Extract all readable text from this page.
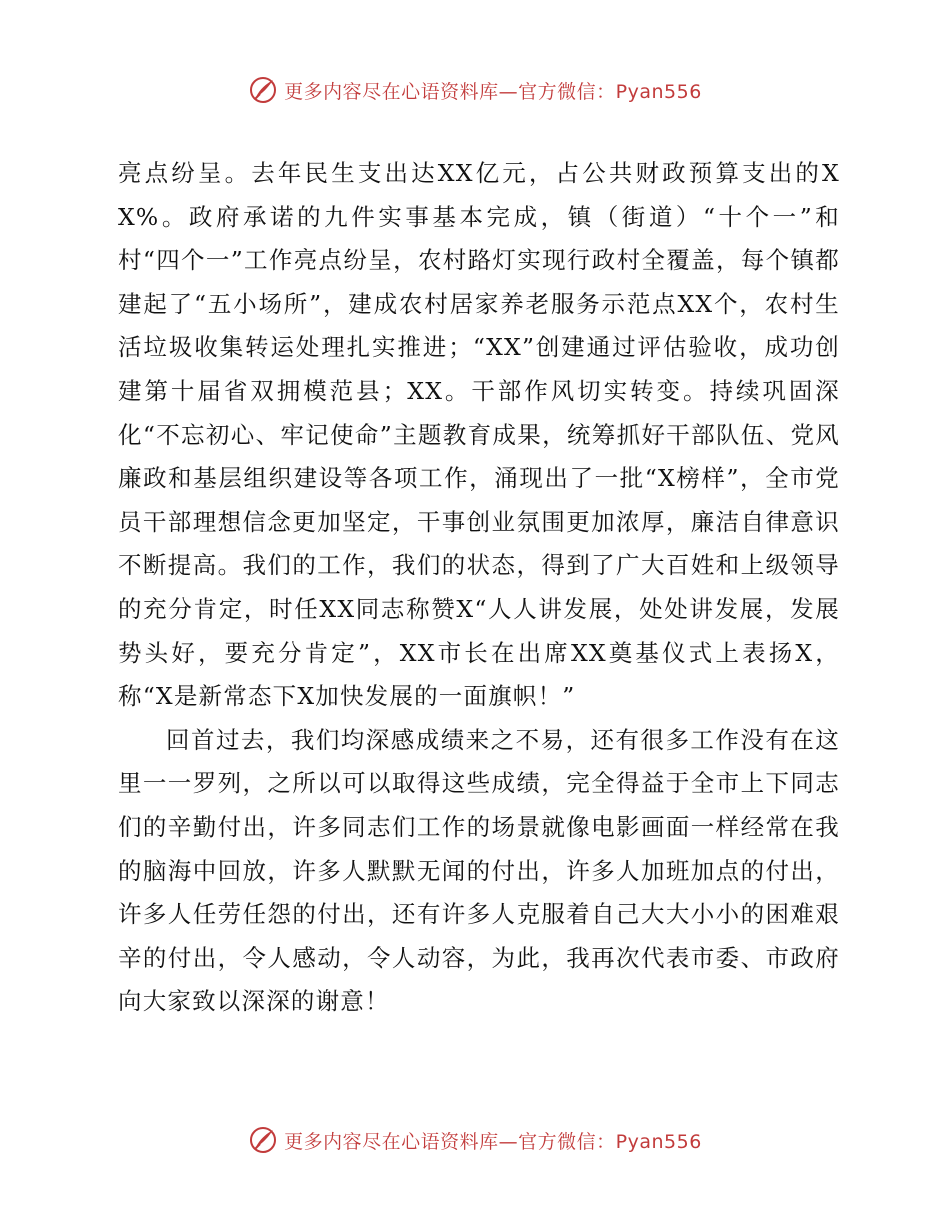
更多内容尽在心语资料库—官方微信：Pyan556

亮点纷呈。去年民生支出达XX亿元，占公共财政预算支出的XX%。政府承诺的九件实事基本完成，镇（街道）“十个一”和村“四个一”工作亮点纷呈，农村路灯实现行政村全覆盖，每个镇都建起了“五小场所”，建成农村居家养老服务示范点XX个，农村生活垃圾收集转运处理扎实推进；“XX”创建通过评估验收，成功创建第十届省双拥模范县；XX。干部作风切实转变。持续巩固深化“不忘初心、牢记使命”主题教育成果，统筹抓好干部队伍、党风廉政和基层组织建设等各项工作，涌现出了一批“X榜样”，全市党员干部理想信念更加坚定，干事创业氛围更加浓厚，廉洁自律意识不断提高。我们的工作，我们的状态，得到了广大百姓和上级领导的充分肯定，时任XX同志称赞X“人人讲发展，处处讲发展，发展势头好，要充分肯定”，XX市长在出席XX奠基仪式上表扬X，称“X是新常态下X加快发展的一面旗帜！”

回首过去，我们均深感成绩来之不易，还有很多工作没有在这里一一罗列，之所以可以取得这些成绩，完全得益于全市上下同志们的辛勤付出，许多同志们工作的场景就像电影画面一样经常在我的脑海中回放，许多人默默无闻的付出，许多人加班加点的付出，许多人任劳任怨的付出，还有许多人克服着自己大大小小的困难艰辛的付出，令人感动，令人动容，为此，我再次代表市委、市政府向大家致以深深的谢意！

更多内容尽在心语资料库—官方微信：Pyan556
